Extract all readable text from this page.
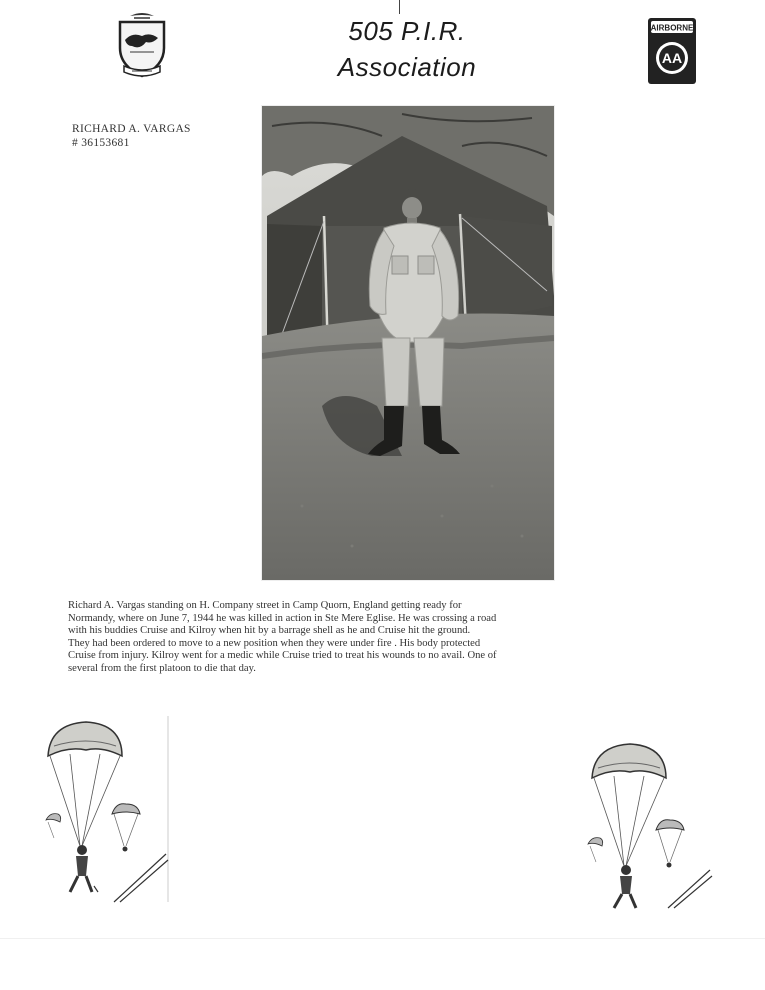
505 P.I.R.
Association
AIRBORNE
AA
RICHARD A. VARGAS
# 36153681
Richard A. Vargas standing on H. Company street in Camp Quorn, England getting ready for
Normandy, where on June 7, 1944 he was killed in action in Ste Mere Eglise. He was crossing a road
with his buddies Cruise and Kilroy when hit by a barrage shell as he and Cruise hit the ground.
They had been ordered to move to a new position when they were under fire . His body protected
Cruise from injury. Kilroy went for a medic while Cruise tried to treat his wounds to no avail. One of
several from the first platoon to die that day.
